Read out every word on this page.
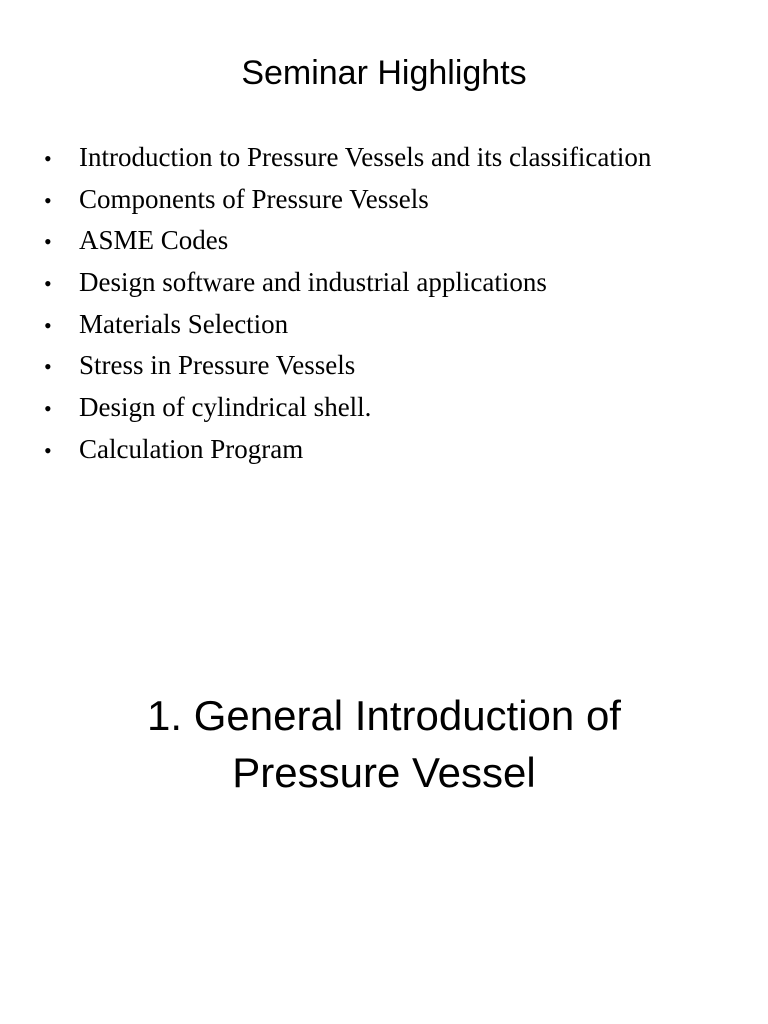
Seminar Highlights
•	Introduction to Pressure Vessels and its classification
•	Components of Pressure Vessels
•	ASME Codes
•	Design software and industrial applications
•	Materials Selection
•	Stress in Pressure Vessels
•	Design of cylindrical shell.
•	Calculation Program
1. General Introduction of
Pressure Vessel
